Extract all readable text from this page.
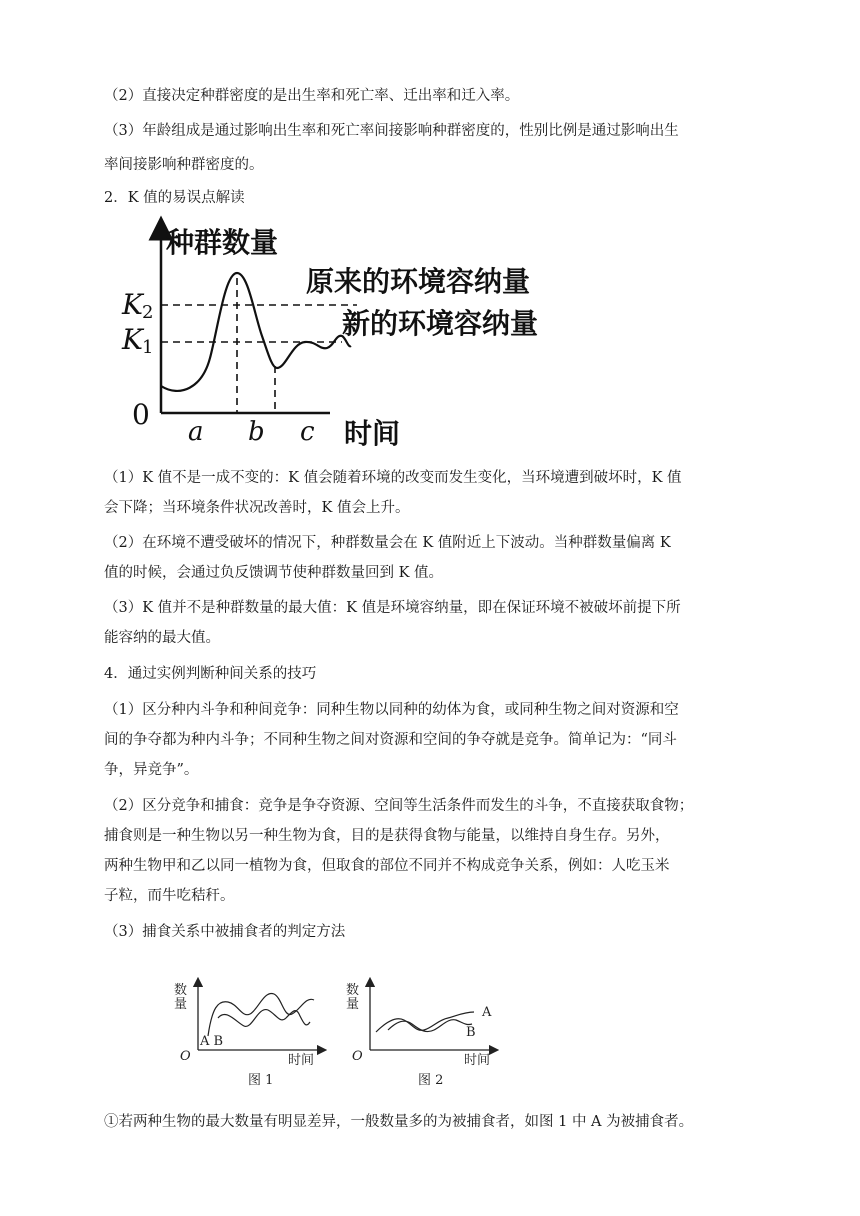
（2）直接决定种群密度的是出生率和死亡率、迁出率和迁入率。
（3）年龄组成是通过影响出生率和死亡率间接影响种群密度的，性别比例是通过影响出生
率间接影响种群密度的。
2．K 值的易误点解读
种群数量
原来的环境容纳量
新的环境容纳量
K 2
K 1
0
a b c 时间
（1）K 值不是一成不变的：K 值会随着环境的改变而发生变化，当环境遭到破坏时，K 值
会下降；当环境条件状况改善时，K 值会上升。
（2）在环境不遭受破坏的情况下，种群数量会在 K 值附近上下波动。当种群数量偏离 K
值的时候，会通过负反馈调节使种群数量回到 K 值。
（3）K 值并不是种群数量的最大值：K 值是环境容纳量，即在保证环境不被破坏前提下所
能容纳的最大值。
4．通过实例判断种间关系的技巧
（1）区分种内斗争和种间竞争：同种生物以同种的幼体为食，或同种生物之间对资源和空
间的争夺都为种内斗争；不同种生物之间对资源和空间的争夺就是竞争。简单记为：“同斗
争，异竞争”。
（2）区分竞争和捕食：竞争是争夺资源、空间等生活条件而发生的斗争，不直接获取食物；
捕食则是一种生物以另一种生物为食，目的是获得食物与能量，以维持自身生存。另外，
两种生物甲和乙以同一植物为食，但取食的部位不同并不构成竞争关系，例如：人吃玉米
子粒，而牛吃秸秆。
（3）捕食关系中被捕食者的判定方法
数
量
A B
O	时间
图 1
数
量
A
B
O	时间
图 2
①若两种生物的最大数量有明显差异，一般数量多的为被捕食者，如图 1 中 A 为被捕食者。
